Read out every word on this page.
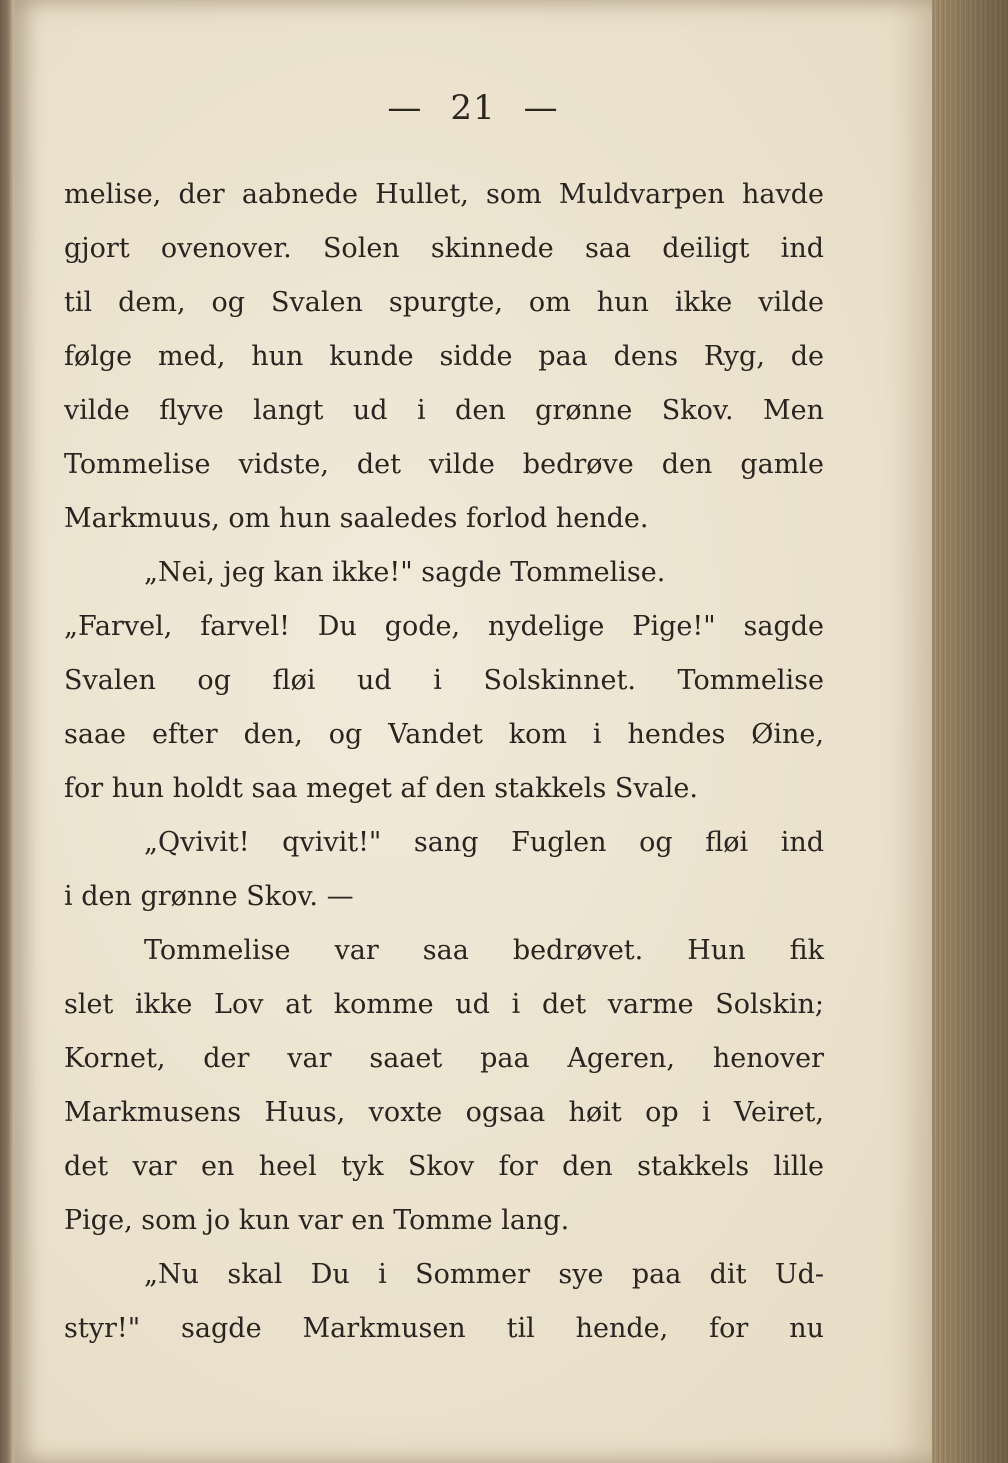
— 21 —
melise, der aabnede Hullet, som Muldvarpen havde
gjort ovenover. Solen skinnede saa deiligt ind
til dem, og Svalen spurgte, om hun ikke vilde
følge med, hun kunde sidde paa dens Ryg, de
vilde flyve langt ud i den grønne Skov. Men
Tommelise vidste, det vilde bedrøve den gamle
Markmuus, om hun saaledes forlod hende.
„Nei, jeg kan ikke!" sagde Tommelise.
„Farvel, farvel! Du gode, nydelige Pige!" sagde
Svalen og fløi ud i Solskinnet. Tommelise
saae efter den, og Vandet kom i hendes Øine,
for hun holdt saa meget af den stakkels Svale.
„Qvivit! qvivit!" sang Fuglen og fløi ind
i den grønne Skov. —
Tommelise var saa bedrøvet. Hun fik
slet ikke Lov at komme ud i det varme Solskin;
Kornet, der var saaet paa Ageren, henover
Markmusens Huus, voxte ogsaa høit op i Veiret,
det var en heel tyk Skov for den stakkels lille
Pige, som jo kun var en Tomme lang.
„Nu skal Du i Sommer sye paa dit Ud-
styr!" sagde Markmusen til hende, for nu
